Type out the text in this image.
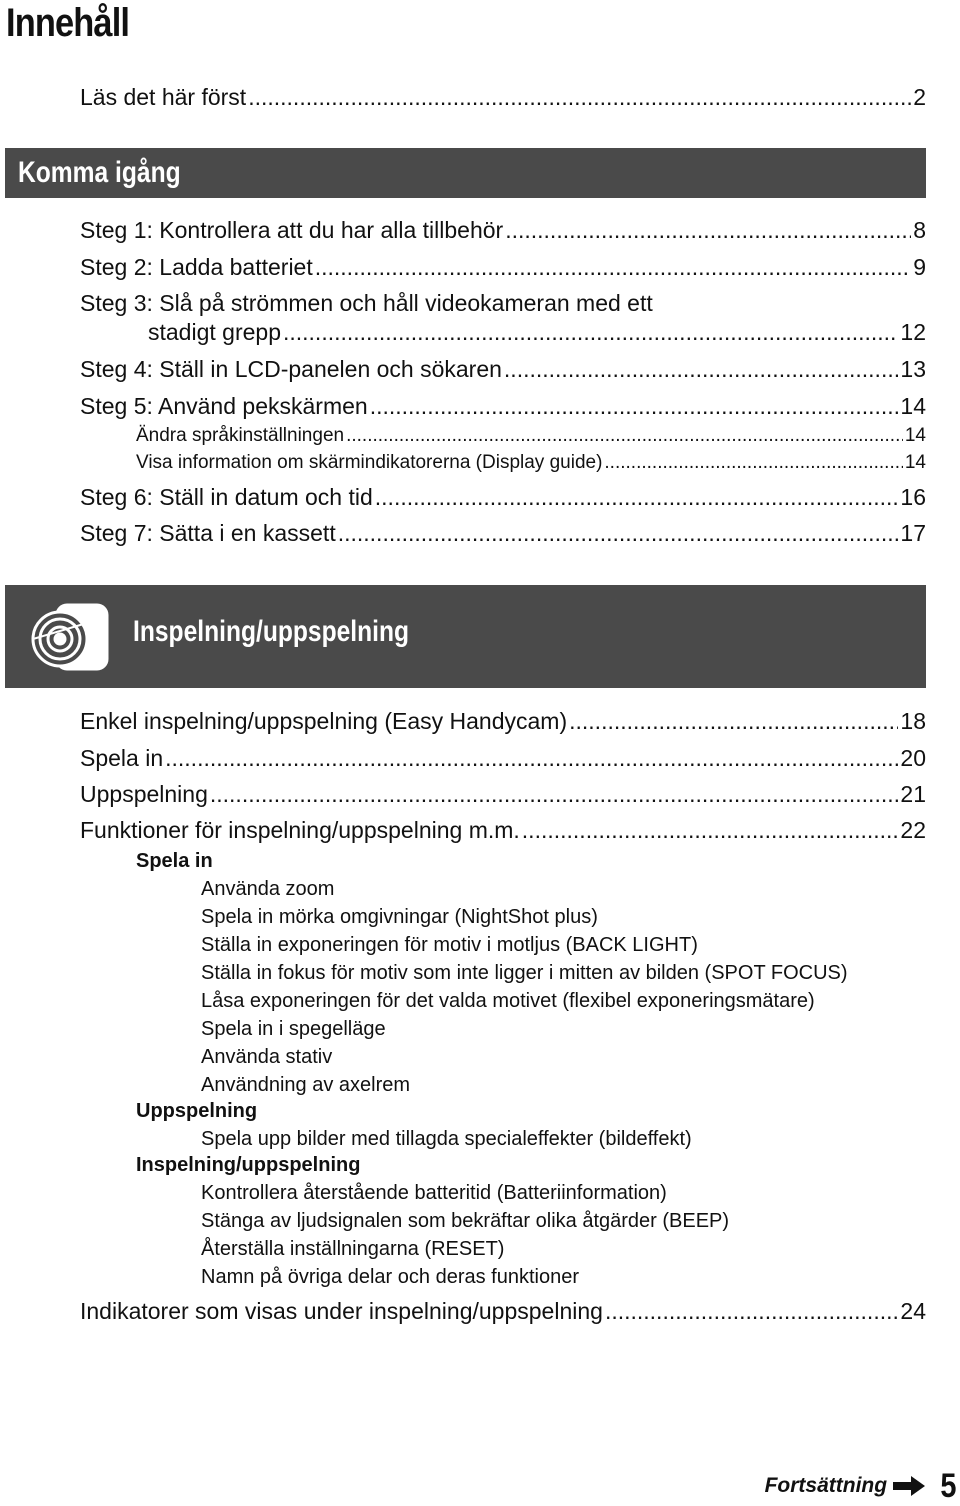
Innehåll
Läs det här först .....	2
Komma igång
Steg 1: Kontrollera att du har alla tillbehör .....	8
Steg 2: Ladda batteriet .....	9
Steg 3: Slå på strömmen och håll videokameran med ett
stadigt grepp .....	12
Steg 4: Ställ in LCD-panelen och sökaren .....	13
Steg 5: Använd pekskärmen .....	14
Ändra språkinställningen .....	14
Visa information om skärmindikatorerna (Display guide) .....	14
Steg 6: Ställ in datum och tid .....	16
Steg 7: Sätta i en kassett .....	17
Inspelning/uppspelning
Enkel inspelning/uppspelning (Easy Handycam) .....	18
Spela in .....	20
Uppspelning .....	21
Funktioner för inspelning/uppspelning m.m. .....	22
Spela in
Använda zoom
Spela in mörka omgivningar (NightShot plus)
Ställa in exponeringen för motiv i motljus (BACK LIGHT)
Ställa in fokus för motiv som inte ligger i mitten av bilden (SPOT FOCUS)
Låsa exponeringen för det valda motivet (flexibel exponeringsmätare)
Spela in i spegelläge
Använda stativ
Användning av axelrem
Uppspelning
Spela upp bilder med tillagda specialeffekter (bildeffekt)
Inspelning/uppspelning
Kontrollera återstående batteritid (Batteriinformation)
Stänga av ljudsignalen som bekräftar olika åtgärder (BEEP)
Återställa inställningarna (RESET)
Namn på övriga delar och deras funktioner
Indikatorer som visas under inspelning/uppspelning .....	24
Fortsättning 5
